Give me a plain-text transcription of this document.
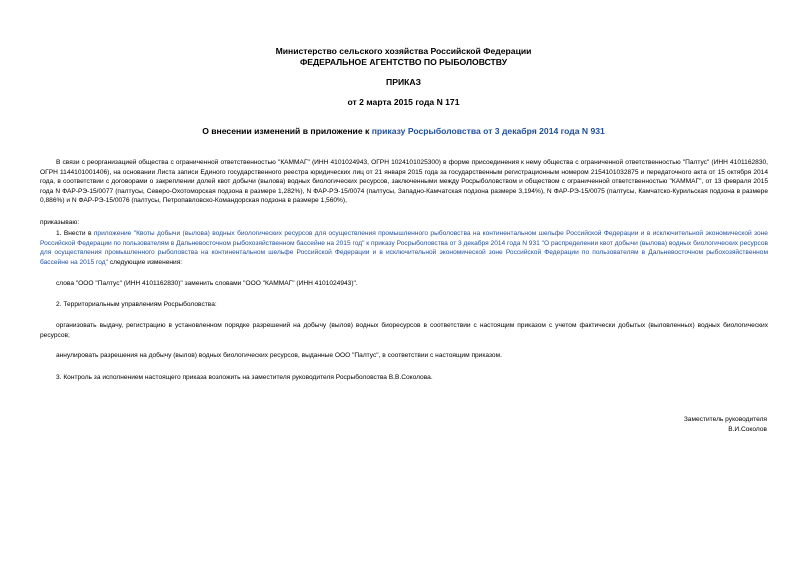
Министерство сельского хозяйства Российской Федерации
ФЕДЕРАЛЬНОЕ АГЕНТСТВО ПО РЫБОЛОВСТВУ
ПРИКАЗ
от 2 марта 2015 года N 171
О внесении изменений в приложение к приказу Росрыболовства от 3 декабря 2014 года N 931
В связи с реорганизацией общества с ограниченной ответственностью "КАММАГ" (ИНН 4101024943, ОГРН 1024101025300) в форме присоединения к нему общества с ограниченной ответственностью "Палтус" (ИНН 4101162830, ОГРН 1144101001406), на основании Листа записи Единого государственного реестра юридических лиц от 21 января 2015 года за государственным регистрационным номером 2154101032875 и передаточного акта от 15 октября 2014 года, в соответствии с договорами о закреплении долей квот добычи (вылова) водных биологических ресурсов, заключенными между Росрыболовством и обществом с ограниченной ответственностью "КАММАГ", от 13 февраля 2015 года N ФАР-РЭ-15/0077 (палтусы, Северо-Охотоморская подзона в размере 1,282%), N ФАР-РЭ-15/0074 (палтусы, Западно-Камчатская подзона размере 3,194%), N ФАР-РЭ-15/0075 (палтусы, Камчатско-Курильская подзона в размере 0,886%) и N ФАР-РЭ-15/0076 (палтусы, Петропавловско-Командорская подзона в размере 1,560%),
приказываю:
1. Внести в приложение "Квоты добычи (вылова) водных биологических ресурсов для осуществления промышленного рыболовства на континентальном шельфе Российской Федерации и в исключительной экономической зоне Российской Федерации по пользователям в Дальневосточном рыбохозяйственном бассейне на 2015 год" к приказу Росрыболовства от 3 декабря 2014 года N 931 "О распределении квот добычи (вылова) водных биологических ресурсов для осуществления промышленного рыболовства на континентальном шельфе Российской Федерации и в исключительной экономической зоне Российской Федерации по пользователям в Дальневосточном рыбохозяйственном бассейне на 2015 год" следующие изменения:
слова "ООО "Палтус" (ИНН 4101162830)" заменить словами "ООО "КАММАГ" (ИНН 4101024943)".
2. Территориальным управлениям Росрыболовства:
организовать выдачу, регистрацию в установленном порядке разрешений на добычу (вылов) водных биоресурсов в соответствии с настоящим приказом с учетом фактически добытых (выловленных) водных биологических ресурсов;
аннулировать разрешения на добычу (вылов) водных биологических ресурсов, выданные ООО "Палтус", в соответствии с настоящим приказом.
3. Контроль за исполнением настоящего приказа возложить на заместителя руководителя Росрыболовства В.В.Соколова.
Заместитель руководителя
В.И.Соколов
